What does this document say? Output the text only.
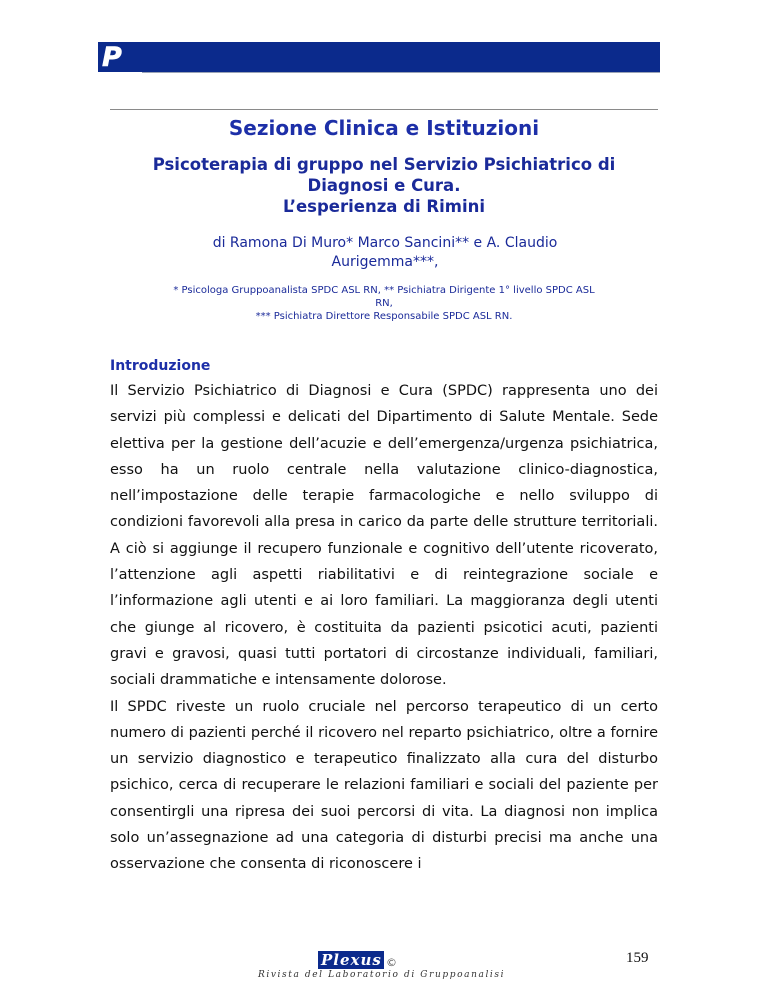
P
Sezione Clinica e Istituzioni
Psicoterapia di gruppo nel Servizio Psichiatrico di
Diagnosi e Cura.
L’esperienza di Rimini
di Ramona Di Muro* Marco Sancini** e A. Claudio
Aurigemma***,
* Psicologa Gruppoanalista SPDC ASL RN, ** Psichiatra Dirigente 1° livello SPDC ASL
RN,
*** Psichiatra Direttore Responsabile SPDC ASL RN.
Introduzione

Il Servizio Psichiatrico di Diagnosi e Cura (SPDC) rappresenta uno dei servizi più complessi e delicati del Dipartimento di Salute Mentale. Sede elettiva per la gestione dell’acuzie e dell’emergenza/urgenza psichiatrica, esso ha un ruolo centrale nella valutazione clinico-diagnostica, nell’impostazione delle terapie farmacologiche e nello sviluppo di condizioni favorevoli alla presa in carico da parte delle strutture territoriali. A ciò si aggiunge il recupero funzionale e cognitivo dell’utente ricoverato, l’attenzione agli aspetti riabilitativi e di reintegrazione sociale e l’informazione agli utenti e ai loro familiari. La maggioranza degli utenti che giunge al ricovero, è costituita da pazienti psicotici acuti, pazienti gravi e gravosi, quasi tutti portatori di circostanze individuali, familiari, sociali drammatiche e intensamente dolorose.

Il SPDC riveste un ruolo cruciale nel percorso terapeutico di un certo numero di pazienti perché il ricovero nel reparto psichiatrico, oltre a fornire un servizio diagnostico e terapeutico finalizzato alla cura del disturbo psichico, cerca di recuperare le relazioni familiari e sociali del paziente per consentirgli una ripresa dei suoi percorsi di vita. La diagnosi non implica solo un’assegnazione ad una categoria di disturbi precisi ma anche una osservazione che consenta di riconoscere i

Plexus ©
Rivista del Laboratorio di Gruppoanalisi
159
